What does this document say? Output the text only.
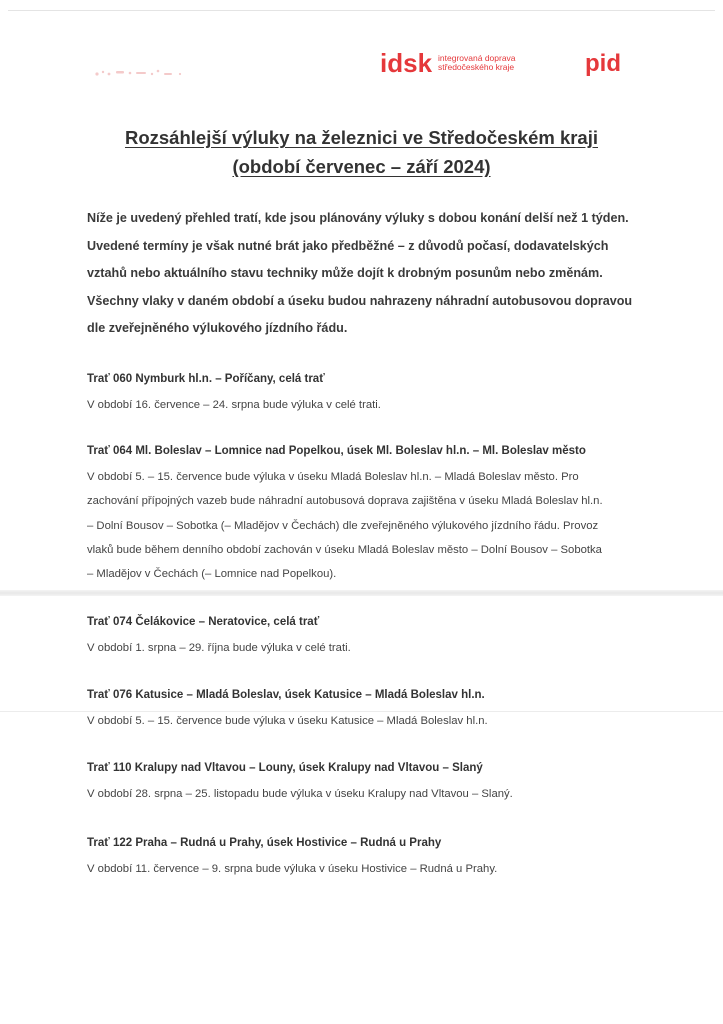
idsk integrovaná doprava
středočeského kraje	pid
Rozsáhlejší výluky na železnici ve Středočeském kraji
(období červenec – září 2024)
Níže je uvedený přehled tratí, kde jsou plánovány výluky s dobou konání delší než 1 týden.
Uvedené termíny je však nutné brát jako předběžné – z důvodů počasí, dodavatelských
vztahů nebo aktuálního stavu techniky může dojít k drobným posunům nebo změnám.
Všechny vlaky v daném období a úseku budou nahrazeny náhradní autobusovou dopravou
dle zveřejněného výlukového jízdního řádu.
Trať 060 Nymburk hl.n. – Poříčany, celá trať
V období 16. července – 24. srpna bude výluka v celé trati.
Trať 064 Ml. Boleslav – Lomnice nad Popelkou, úsek Ml. Boleslav hl.n. – Ml. Boleslav město
V období 5. – 15. července bude výluka v úseku Mladá Boleslav hl.n. – Mladá Boleslav město. Pro
zachování přípojných vazeb bude náhradní autobusová doprava zajištěna v úseku Mladá Boleslav hl.n.
– Dolní Bousov – Sobotka (– Mladějov v Čechách) dle zveřejněného výlukového jízdního řádu. Provoz
vlaků bude během denního období zachován v úseku Mladá Boleslav město – Dolní Bousov – Sobotka
– Mladějov v Čechách (– Lomnice nad Popelkou).
Trať 074 Čelákovice – Neratovice, celá trať
V období 1. srpna – 29. října bude výluka v celé trati.
Trať 076 Katusice – Mladá Boleslav, úsek Katusice – Mladá Boleslav hl.n.
V období 5. – 15. července bude výluka v úseku Katusice – Mladá Boleslav hl.n.
Trať 110 Kralupy nad Vltavou – Louny, úsek Kralupy nad Vltavou – Slaný
V období 28. srpna – 25. listopadu bude výluka v úseku Kralupy nad Vltavou – Slaný.
Trať 122 Praha – Rudná u Prahy, úsek Hostivice – Rudná u Prahy
V období 11. července – 9. srpna bude výluka v úseku Hostivice – Rudná u Prahy.
